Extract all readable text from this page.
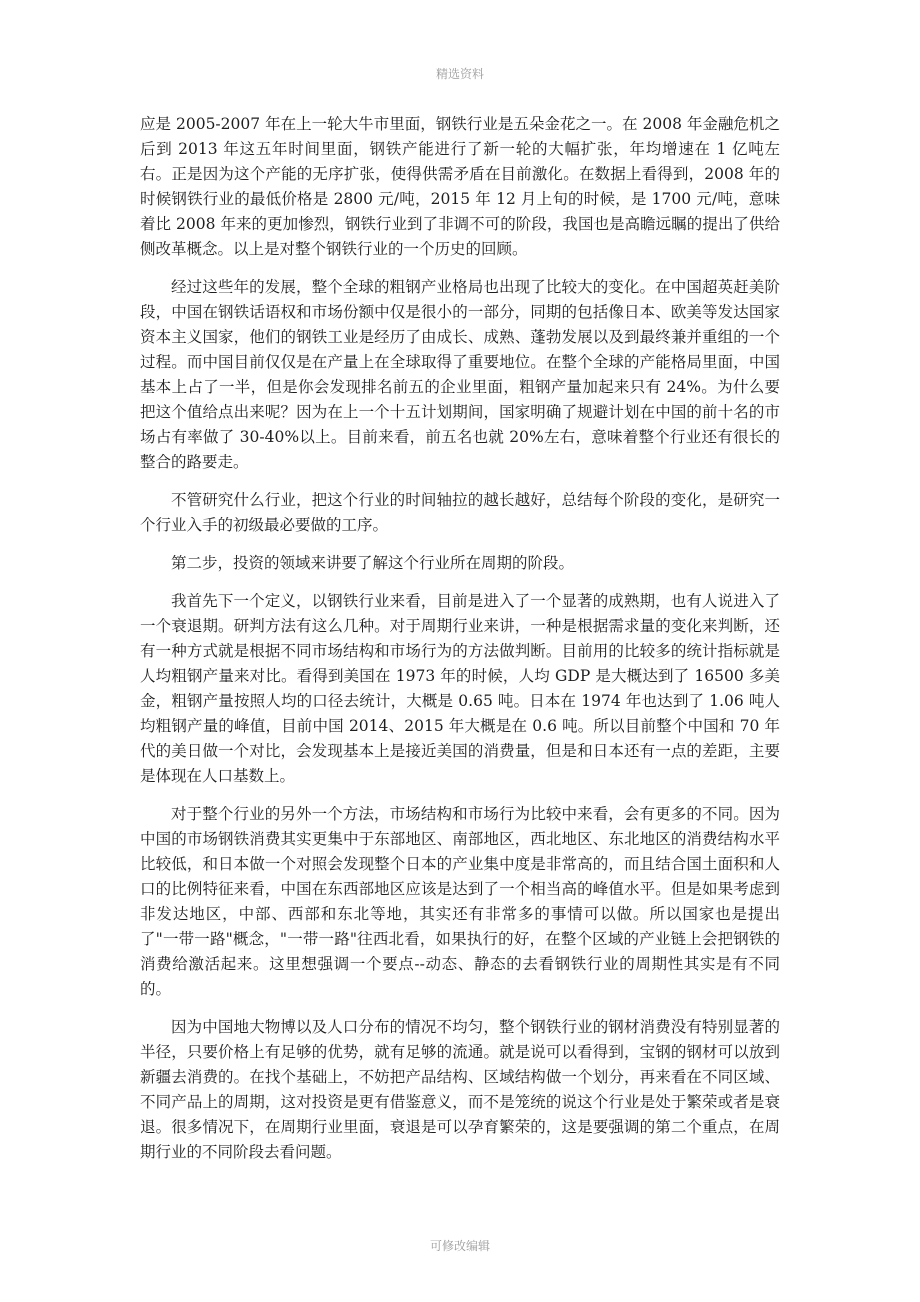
精选资料

应是 2005-2007 年在上一轮大牛市里面，钢铁行业是五朵金花之一。在 2008 年金融危机之后到 2013 年这五年时间里面，钢铁产能进行了新一轮的大幅扩张，年均增速在 1 亿吨左右。正是因为这个产能的无序扩张，使得供需矛盾在目前激化。在数据上看得到，2008 年的时候钢铁行业的最低价格是 2800 元/吨，2015 年 12 月上旬的时候，是 1700 元/吨，意味着比 2008 年来的更加惨烈，钢铁行业到了非调不可的阶段，我国也是高瞻远瞩的提出了供给侧改革概念。以上是对整个钢铁行业的一个历史的回顾。

经过这些年的发展，整个全球的粗钢产业格局也出现了比较大的变化。在中国超英赶美阶段，中国在钢铁话语权和市场份额中仅是很小的一部分，同期的包括像日本、欧美等发达国家资本主义国家，他们的钢铁工业是经历了由成长、成熟、蓬勃发展以及到最终兼并重组的一个过程。而中国目前仅仅是在产量上在全球取得了重要地位。在整个全球的产能格局里面，中国基本上占了一半，但是你会发现排名前五的企业里面，粗钢产量加起来只有 24%。为什么要把这个值给点出来呢？因为在上一个十五计划期间，国家明确了规避计划在中国的前十名的市场占有率做了 30-40%以上。目前来看，前五名也就 20%左右，意味着整个行业还有很长的整合的路要走。

不管研究什么行业，把这个行业的时间轴拉的越长越好，总结每个阶段的变化，是研究一个行业入手的初级最必要做的工序。

第二步，投资的领域来讲要了解这个行业所在周期的阶段。

我首先下一个定义，以钢铁行业来看，目前是进入了一个显著的成熟期，也有人说进入了一个衰退期。研判方法有这么几种。对于周期行业来讲，一种是根据需求量的变化来判断，还有一种方式就是根据不同市场结构和市场行为的方法做判断。目前用的比较多的统计指标就是人均粗钢产量来对比。看得到美国在 1973 年的时候，人均 GDP 是大概达到了 16500 多美金，粗钢产量按照人均的口径去统计，大概是 0.65 吨。日本在 1974 年也达到了 1.06 吨人均粗钢产量的峰值，目前中国 2014、2015 年大概是在 0.6 吨。所以目前整个中国和 70 年代的美日做一个对比，会发现基本上是接近美国的消费量，但是和日本还有一点的差距，主要是体现在人口基数上。

对于整个行业的另外一个方法，市场结构和市场行为比较中来看，会有更多的不同。因为中国的市场钢铁消费其实更集中于东部地区、南部地区，西北地区、东北地区的消费结构水平比较低，和日本做一个对照会发现整个日本的产业集中度是非常高的，而且结合国土面积和人口的比例特征来看，中国在东西部地区应该是达到了一个相当高的峰值水平。但是如果考虑到非发达地区，中部、西部和东北等地，其实还有非常多的事情可以做。所以国家也是提出了"一带一路"概念，"一带一路"往西北看，如果执行的好，在整个区域的产业链上会把钢铁的消费给激活起来。这里想强调一个要点--动态、静态的去看钢铁行业的周期性其实是有不同的。

因为中国地大物博以及人口分布的情况不均匀，整个钢铁行业的钢材消费没有特别显著的半径，只要价格上有足够的优势，就有足够的流通。就是说可以看得到，宝钢的钢材可以放到新疆去消费的。在找个基础上，不妨把产品结构、区域结构做一个划分，再来看在不同区域、不同产品上的周期，这对投资是更有借鉴意义，而不是笼统的说这个行业是处于繁荣或者是衰退。很多情况下，在周期行业里面，衰退是可以孕育繁荣的，这是要强调的第二个重点，在周期行业的不同阶段去看问题。

可修改编辑
